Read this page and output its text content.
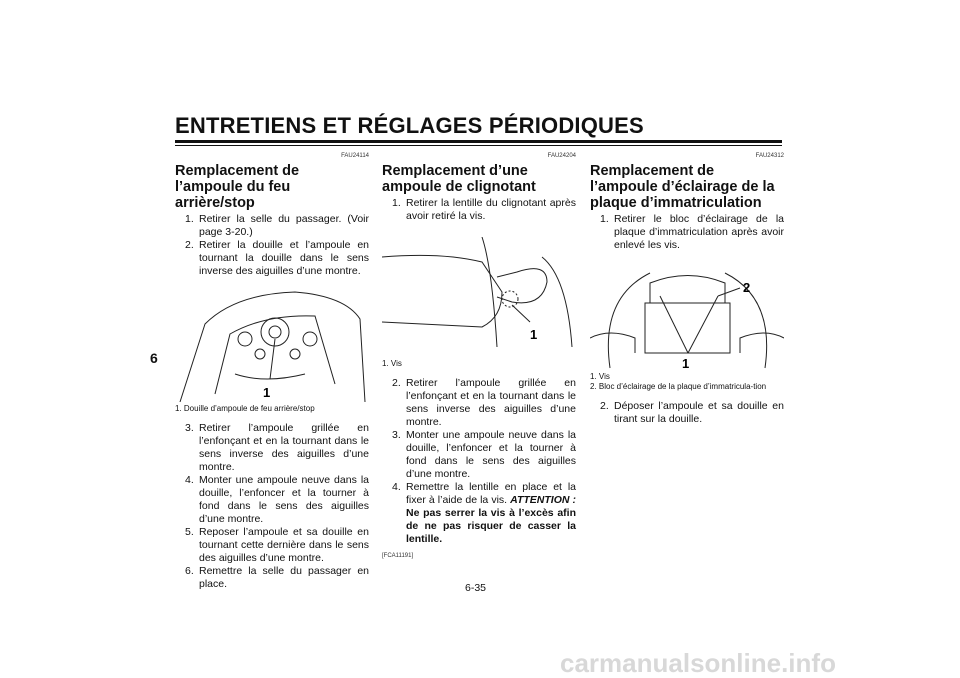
ENTRETIENS ET RÉGLAGES PÉRIODIQUES
6
FAU24114
Remplacement de l’ampoule du feu arrière/stop
1. Retirer la selle du passager. (Voir page 3-20.)
2. Retirer la douille et l’ampoule en tournant la douille dans le sens inverse des aiguilles d’une montre.
1
1. Douille d’ampoule de feu arrière/stop
3. Retirer l’ampoule grillée en l’enfonçant et en la tournant dans le sens inverse des aiguilles d’une montre.
4. Monter une ampoule neuve dans la douille, l’enfoncer et la tourner à fond dans le sens des aiguilles d’une montre.
5. Reposer l’ampoule et sa douille en tournant cette dernière dans le sens des aiguilles d’une montre.
6. Remettre la selle du passager en place.
FAU24204
Remplacement d’une ampoule de clignotant
1. Retirer la lentille du clignotant après avoir retiré la vis.
1
1. Vis
2. Retirer l’ampoule grillée en l’enfonçant et en la tournant dans le sens inverse des aiguilles d’une montre.
3. Monter une ampoule neuve dans la douille, l’enfoncer et la tourner à fond dans le sens des aiguilles d’une montre.
4. Remettre la lentille en place et la fixer à l’aide de la vis. ATTENTION : Ne pas serrer la vis à l’excès afin de ne pas risquer de casser la lentille.
[FCA11191]
FAU24312
Remplacement de l’ampoule d’éclairage de la plaque d’immatriculation
1. Retirer le bloc d’éclairage de la plaque d’immatriculation après avoir enlevé les vis.
2
1
1. Vis
2. Bloc d’éclairage de la plaque d’immatricula-tion
2. Déposer l’ampoule et sa douille en tirant sur la douille.
6-35
carmanualsonline.info
